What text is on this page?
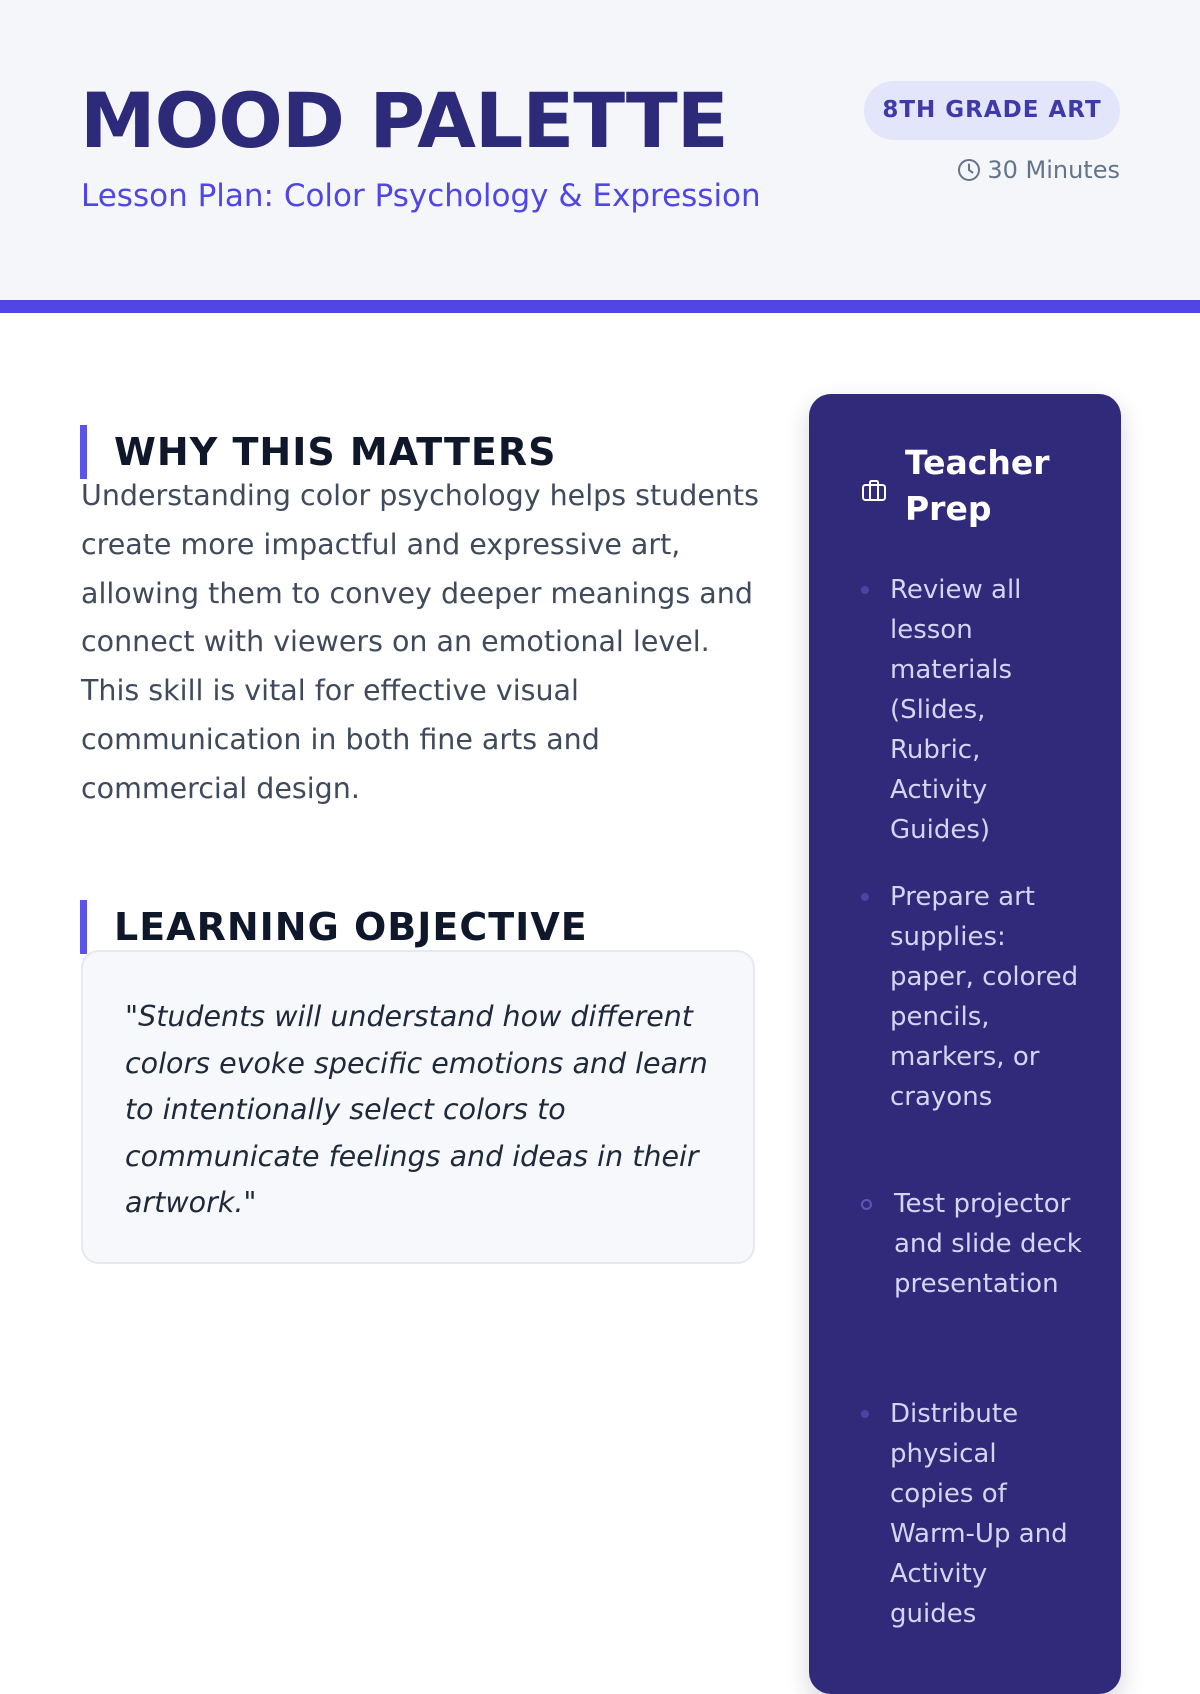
MOOD PALETTE
Lesson Plan: Color Psychology & Expression
8TH GRADE ART
30 Minutes
WHY THIS MATTERS

Understanding color psychology helps students create more impactful and expressive art, allowing them to convey deeper meanings and connect with viewers on an emotional level. This skill is vital for effective visual communication in both fine arts and commercial design.

LEARNING OBJECTIVE

"Students will understand how different colors evoke specific emotions and learn to intentionally select colors to communicate feelings and ideas in their artwork."

Teacher Prep
Review all lesson materials (Slides, Rubric, Activity Guides)
Prepare art supplies: paper, colored pencils, markers, or crayons
Test projector and slide deck presentation
Distribute physical copies of Warm-Up and Activity guides
